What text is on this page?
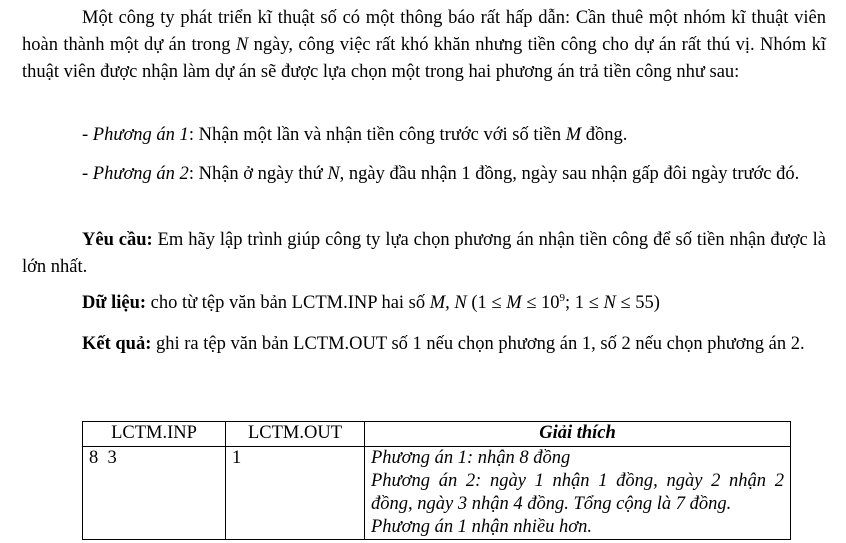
Một công ty phát triển kĩ thuật số có một thông báo rất hấp dẫn: Cần thuê một nhóm kĩ thuật viên hoàn thành một dự án trong N ngày, công việc rất khó khăn nhưng tiền công cho dự án rất thú vị. Nhóm kĩ thuật viên được nhận làm dự án sẽ được lựa chọn một trong hai phương án trả tiền công như sau:

- Phương án 1: Nhận một lần và nhận tiền công trước với số tiền M đồng.

- Phương án 2: Nhận ở ngày thứ N, ngày đầu nhận 1 đồng, ngày sau nhận gấp đôi ngày trước đó.

Yêu cầu: Em hãy lập trình giúp công ty lựa chọn phương án nhận tiền công để số tiền nhận được là lớn nhất.

Dữ liệu: cho từ tệp văn bản LCTM.INP hai số M, N ($1 \le M \le 10^9$; 1 ≤ N ≤ 55)

Kết quả: ghi ra tệp văn bản LCTM.OUT số 1 nếu chọn phương án 1, số 2 nếu chọn phương án 2.

LCTM.INP	LCTM.OUT	Giải thích
8  3	1	Phương án 1: nhận 8 đồng
Phương án 2: ngày 1 nhận 1 đồng, ngày 2 nhận 2 đồng, ngày 3 nhận 4 đồng. Tổng cộng là 7 đồng.
Phương án 1 nhận nhiều hơn.
